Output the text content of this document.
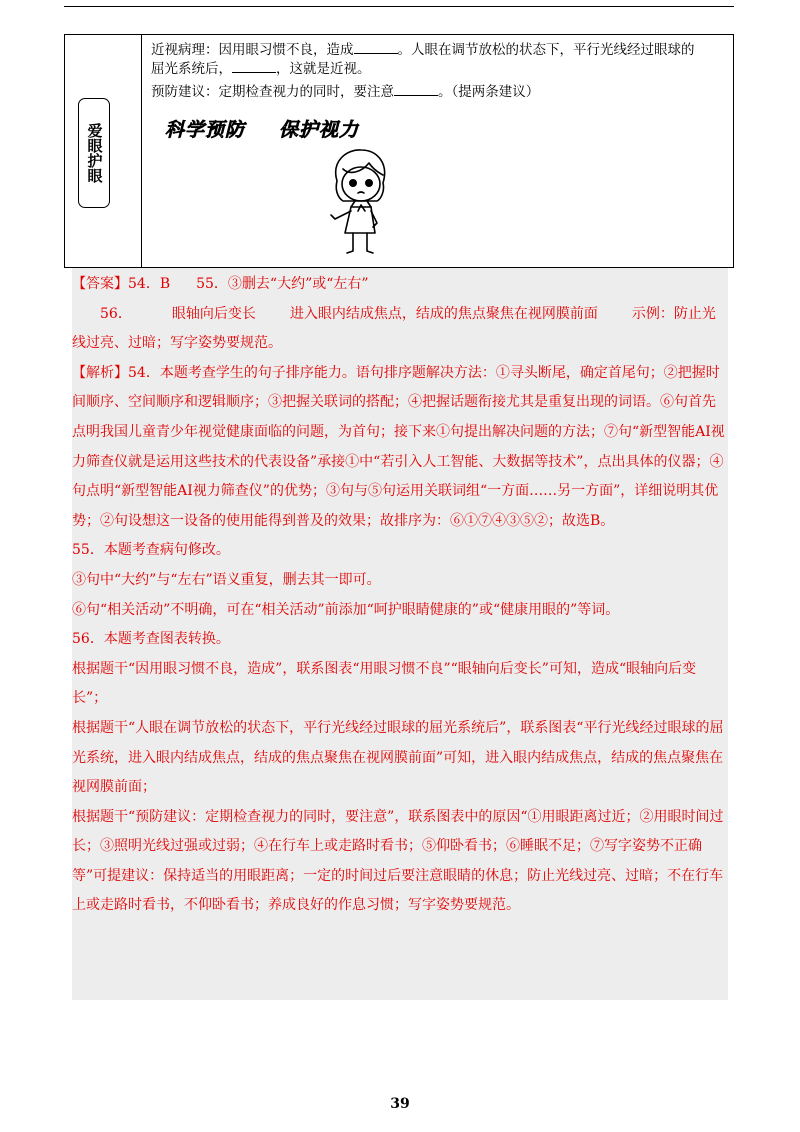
爱眼护眼

近视病理：因用眼习惯不良，造成	。人眼在调节放松的状态下，平行光线经过眼球的
屈光系统后，	，这就是近视。

预防建议：定期检查视力的同时，要注意	。（提两条建议）

科学预防 保护视力

【答案】54．B 55．③删去“大约”或“左右”

56．	眼轴向后变长 进入眼内结成焦点，结成的焦点聚焦在视网膜前面 示例：防止光

线过亮、过暗；写字姿势要规范。

【解析】54．本题考查学生的句子排序能力。语句排序题解决方法：①寻头断尾，确定首尾句；②把握时间顺序、空间顺序和逻辑顺序；③把握关联词的搭配；④把握话题衔接尤其是重复出现的词语。⑥句首先点明我国儿童青少年视觉健康面临的问题，为首句；接下来①句提出解决问题的方法；⑦句“新型智能AI视力筛查仪就是运用这些技术的代表设备”承接①中“若引入人工智能、大数据等技术”，点出具体的仪器；④句点明“新型智能AI视力筛查仪”的优势；③句与⑤句运用关联词组“一方面……另一方面”，详细说明其优势；②句设想这一设备的使用能得到普及的效果；故排序为：⑥①⑦④③⑤②；故选B。

55．本题考查病句修改。

③句中“大约”与“左右”语义重复，删去其一即可。

⑥句“相关活动”不明确，可在“相关活动”前添加“呵护眼睛健康的”或“健康用眼的”等词。

56．本题考查图表转换。

根据题干“因用眼习惯不良，造成”，联系图表“用眼习惯不良”“眼轴向后变长”可知，造成“眼轴向后变长”；

根据题干“人眼在调节放松的状态下，平行光线经过眼球的屈光系统后”，联系图表“平行光线经过眼球的屈光系统，进入眼内结成焦点，结成的焦点聚焦在视网膜前面”可知，进入眼内结成焦点，结成的焦点聚焦在视网膜前面；

根据题干“预防建议：定期检查视力的同时，要注意”，联系图表中的原因“①用眼距离过近；②用眼时间过长；③照明光线过强或过弱；④在行车上或走路时看书；⑤仰卧看书；⑥睡眠不足；⑦写字姿势不正确等”可提建议：保持适当的用眼距离；一定的时间过后要注意眼睛的休息；防止光线过亮、过暗；不在行车上或走路时看书，不仰卧看书；养成良好的作息习惯；写字姿势要规范。

39
